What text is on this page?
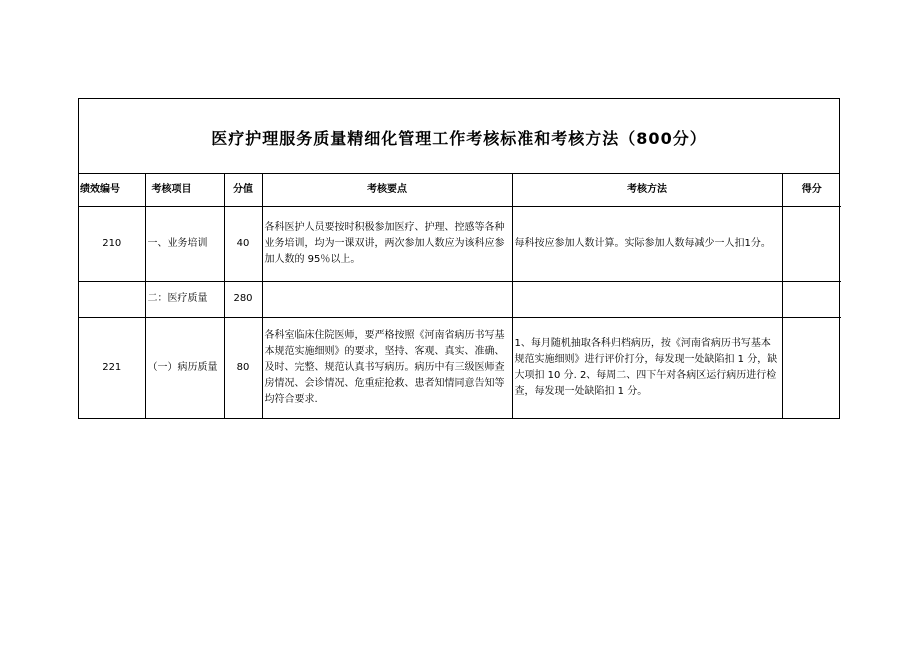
医疗护理服务质量精细化管理工作考核标准和考核方法（800分）
绩效编号	考核项目	分值	考核要点	考核方法	得分
210	一、业务培训	40	各科医护人员要按时积极参加医疗、护理、控感等各种业务培训，均为一课双讲，两次参加人数应为该科应参加人数的 95％以上。	每科按应参加人数计算。实际参加人数每减少一人扣1分。	
	二：医疗质量	280			
221	（一）病历质量	80	各科室临床住院医师，要严格按照《河南省病历书写基本规范实施细则》的要求，坚持、客观、真实、准确、及时、完整、规范认真书写病历。病历中有三级医师查房情况、会诊情况、危重症抢救、患者知情同意告知等均符合要求.	1、每月随机抽取各科归档病历，按《河南省病历书写基本规范实施细则》进行评价打分，每发现一处缺陷扣 1 分，缺大项扣 10 分. 2、每周二、四下午对各病区运行病历进行检查，每发现一处缺陷扣 1 分。	
